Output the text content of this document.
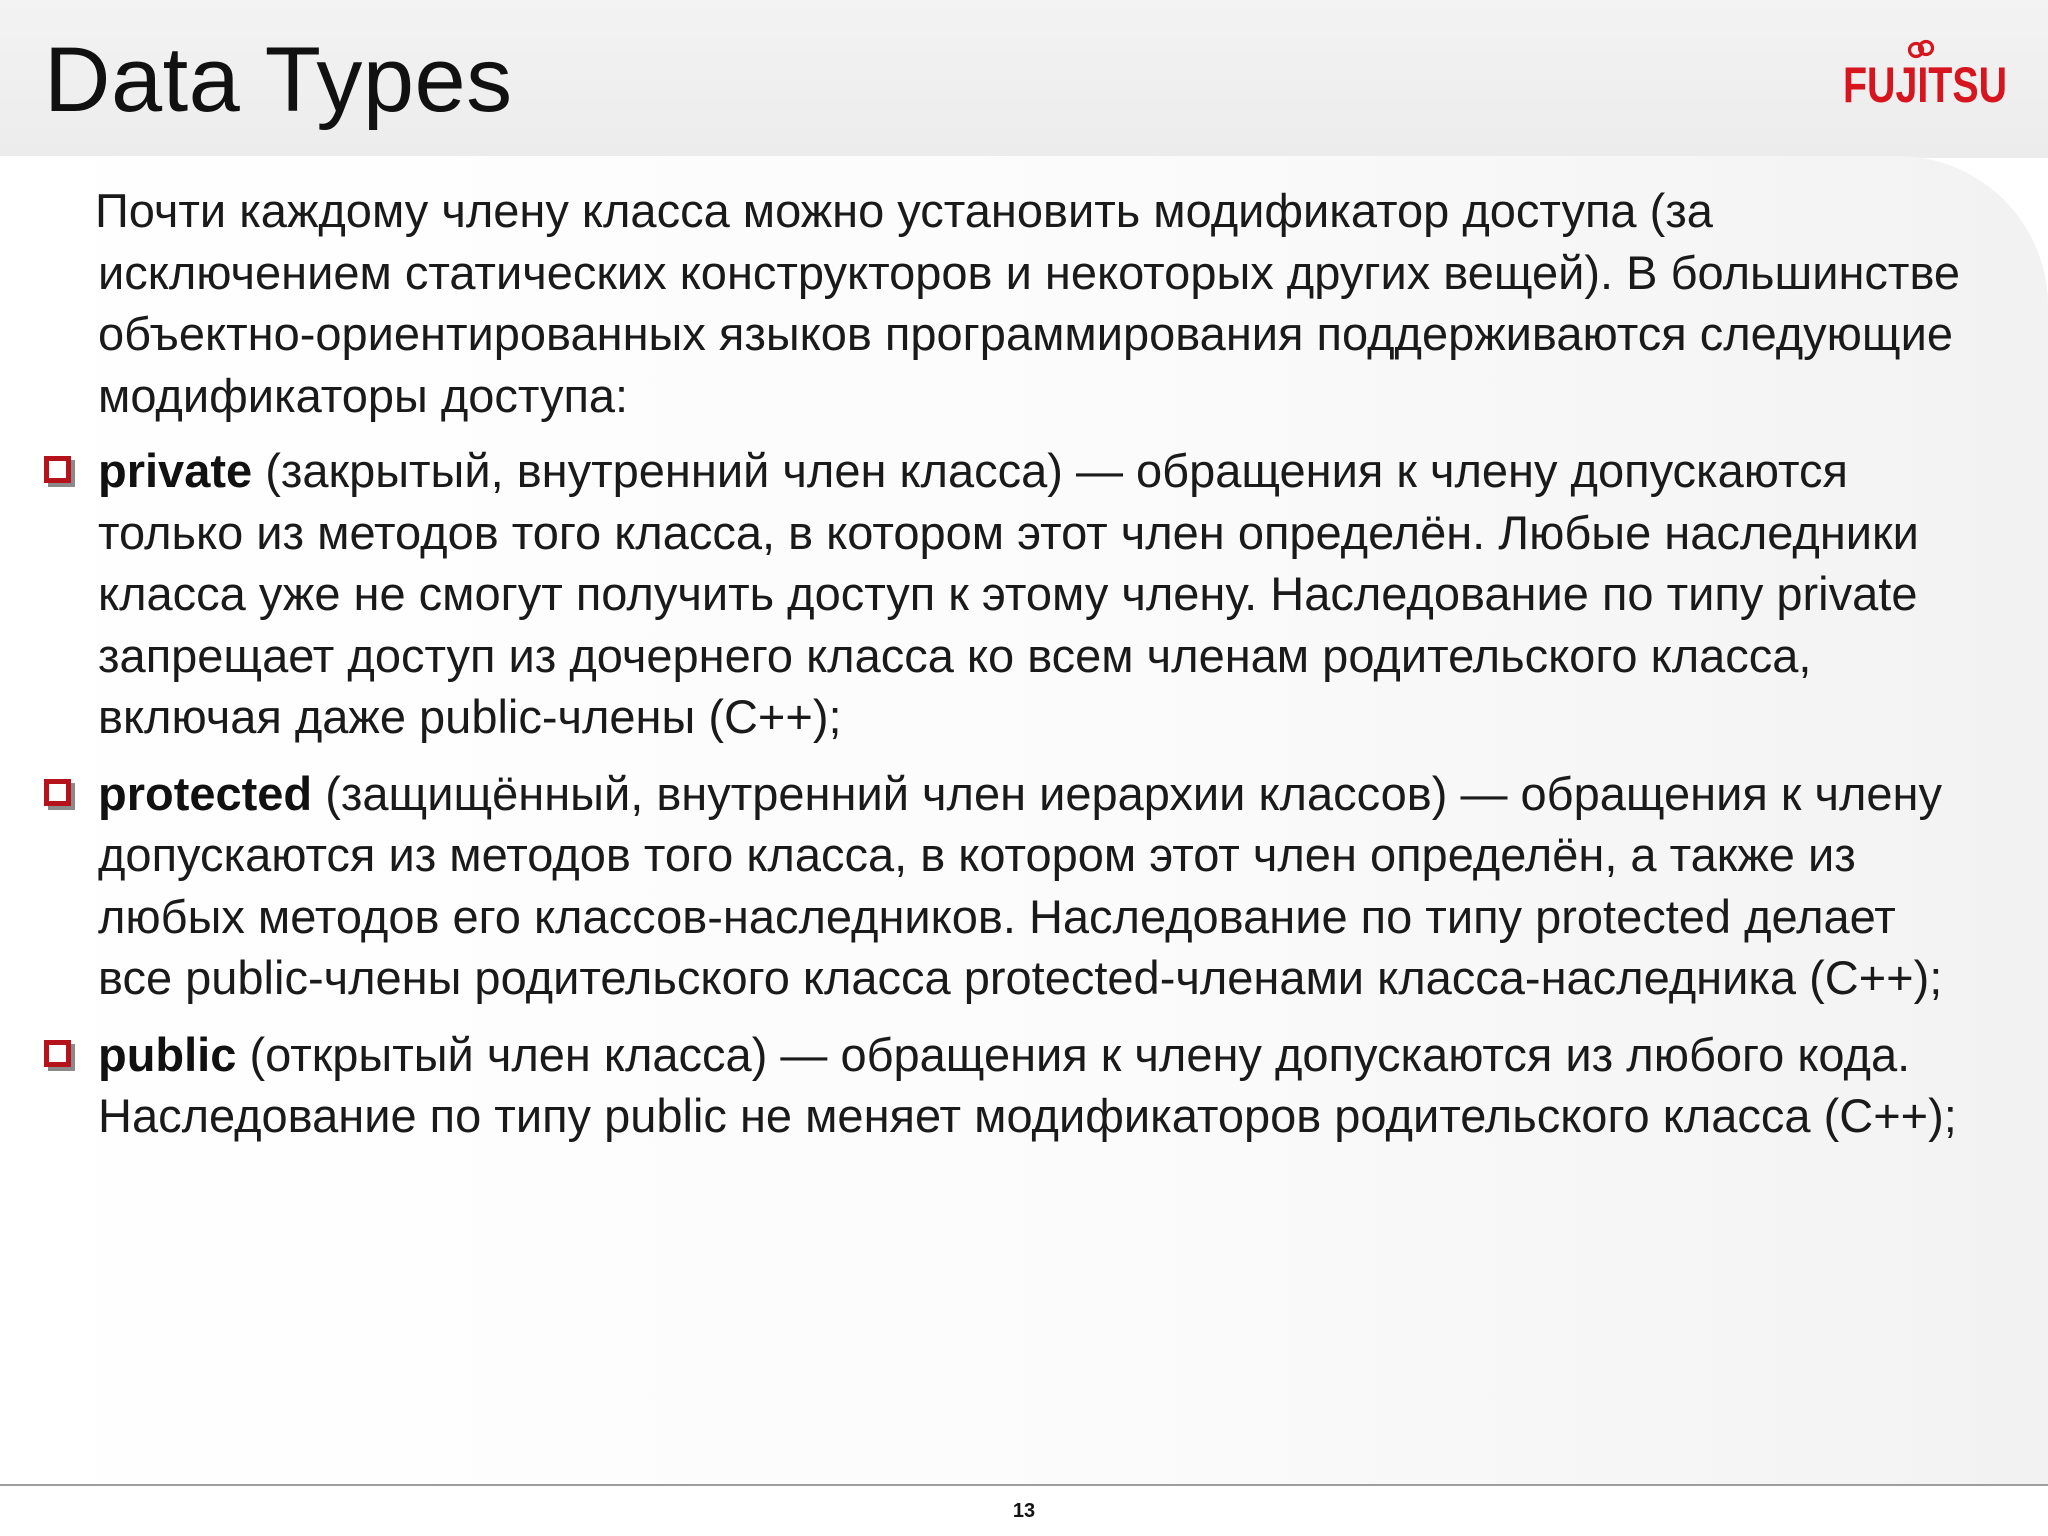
Data Types	FUJITSU

Почти каждому члену класса можно установить модификатор доступа (за исключением статических конструкторов и некоторых других вещей). В большинстве объектно-ориентированных языков программирования поддерживаются следующие модификаторы доступа:

private (закрытый, внутренний член класса) — обращения к члену допускаются только из методов того класса, в котором этот член определён. Любые наследники класса уже не смогут получить доступ к этому члену. Наследование по типу private запрещает доступ из дочернего класса ко всем членам родительского класса, включая даже public-члены (C++);

protected (защищённый, внутренний член иерархии классов) — обращения к члену допускаются из методов того класса, в котором этот член определён, а также из любых методов его классов-наследников. Наследование по типу protected делает все public-члены родительского класса protected-членами класса-наследника (C++);

public (открытый член класса) — обращения к члену допускаются из любого кода. Наследование по типу public не меняет модификаторов родительского класса (C++);

13
